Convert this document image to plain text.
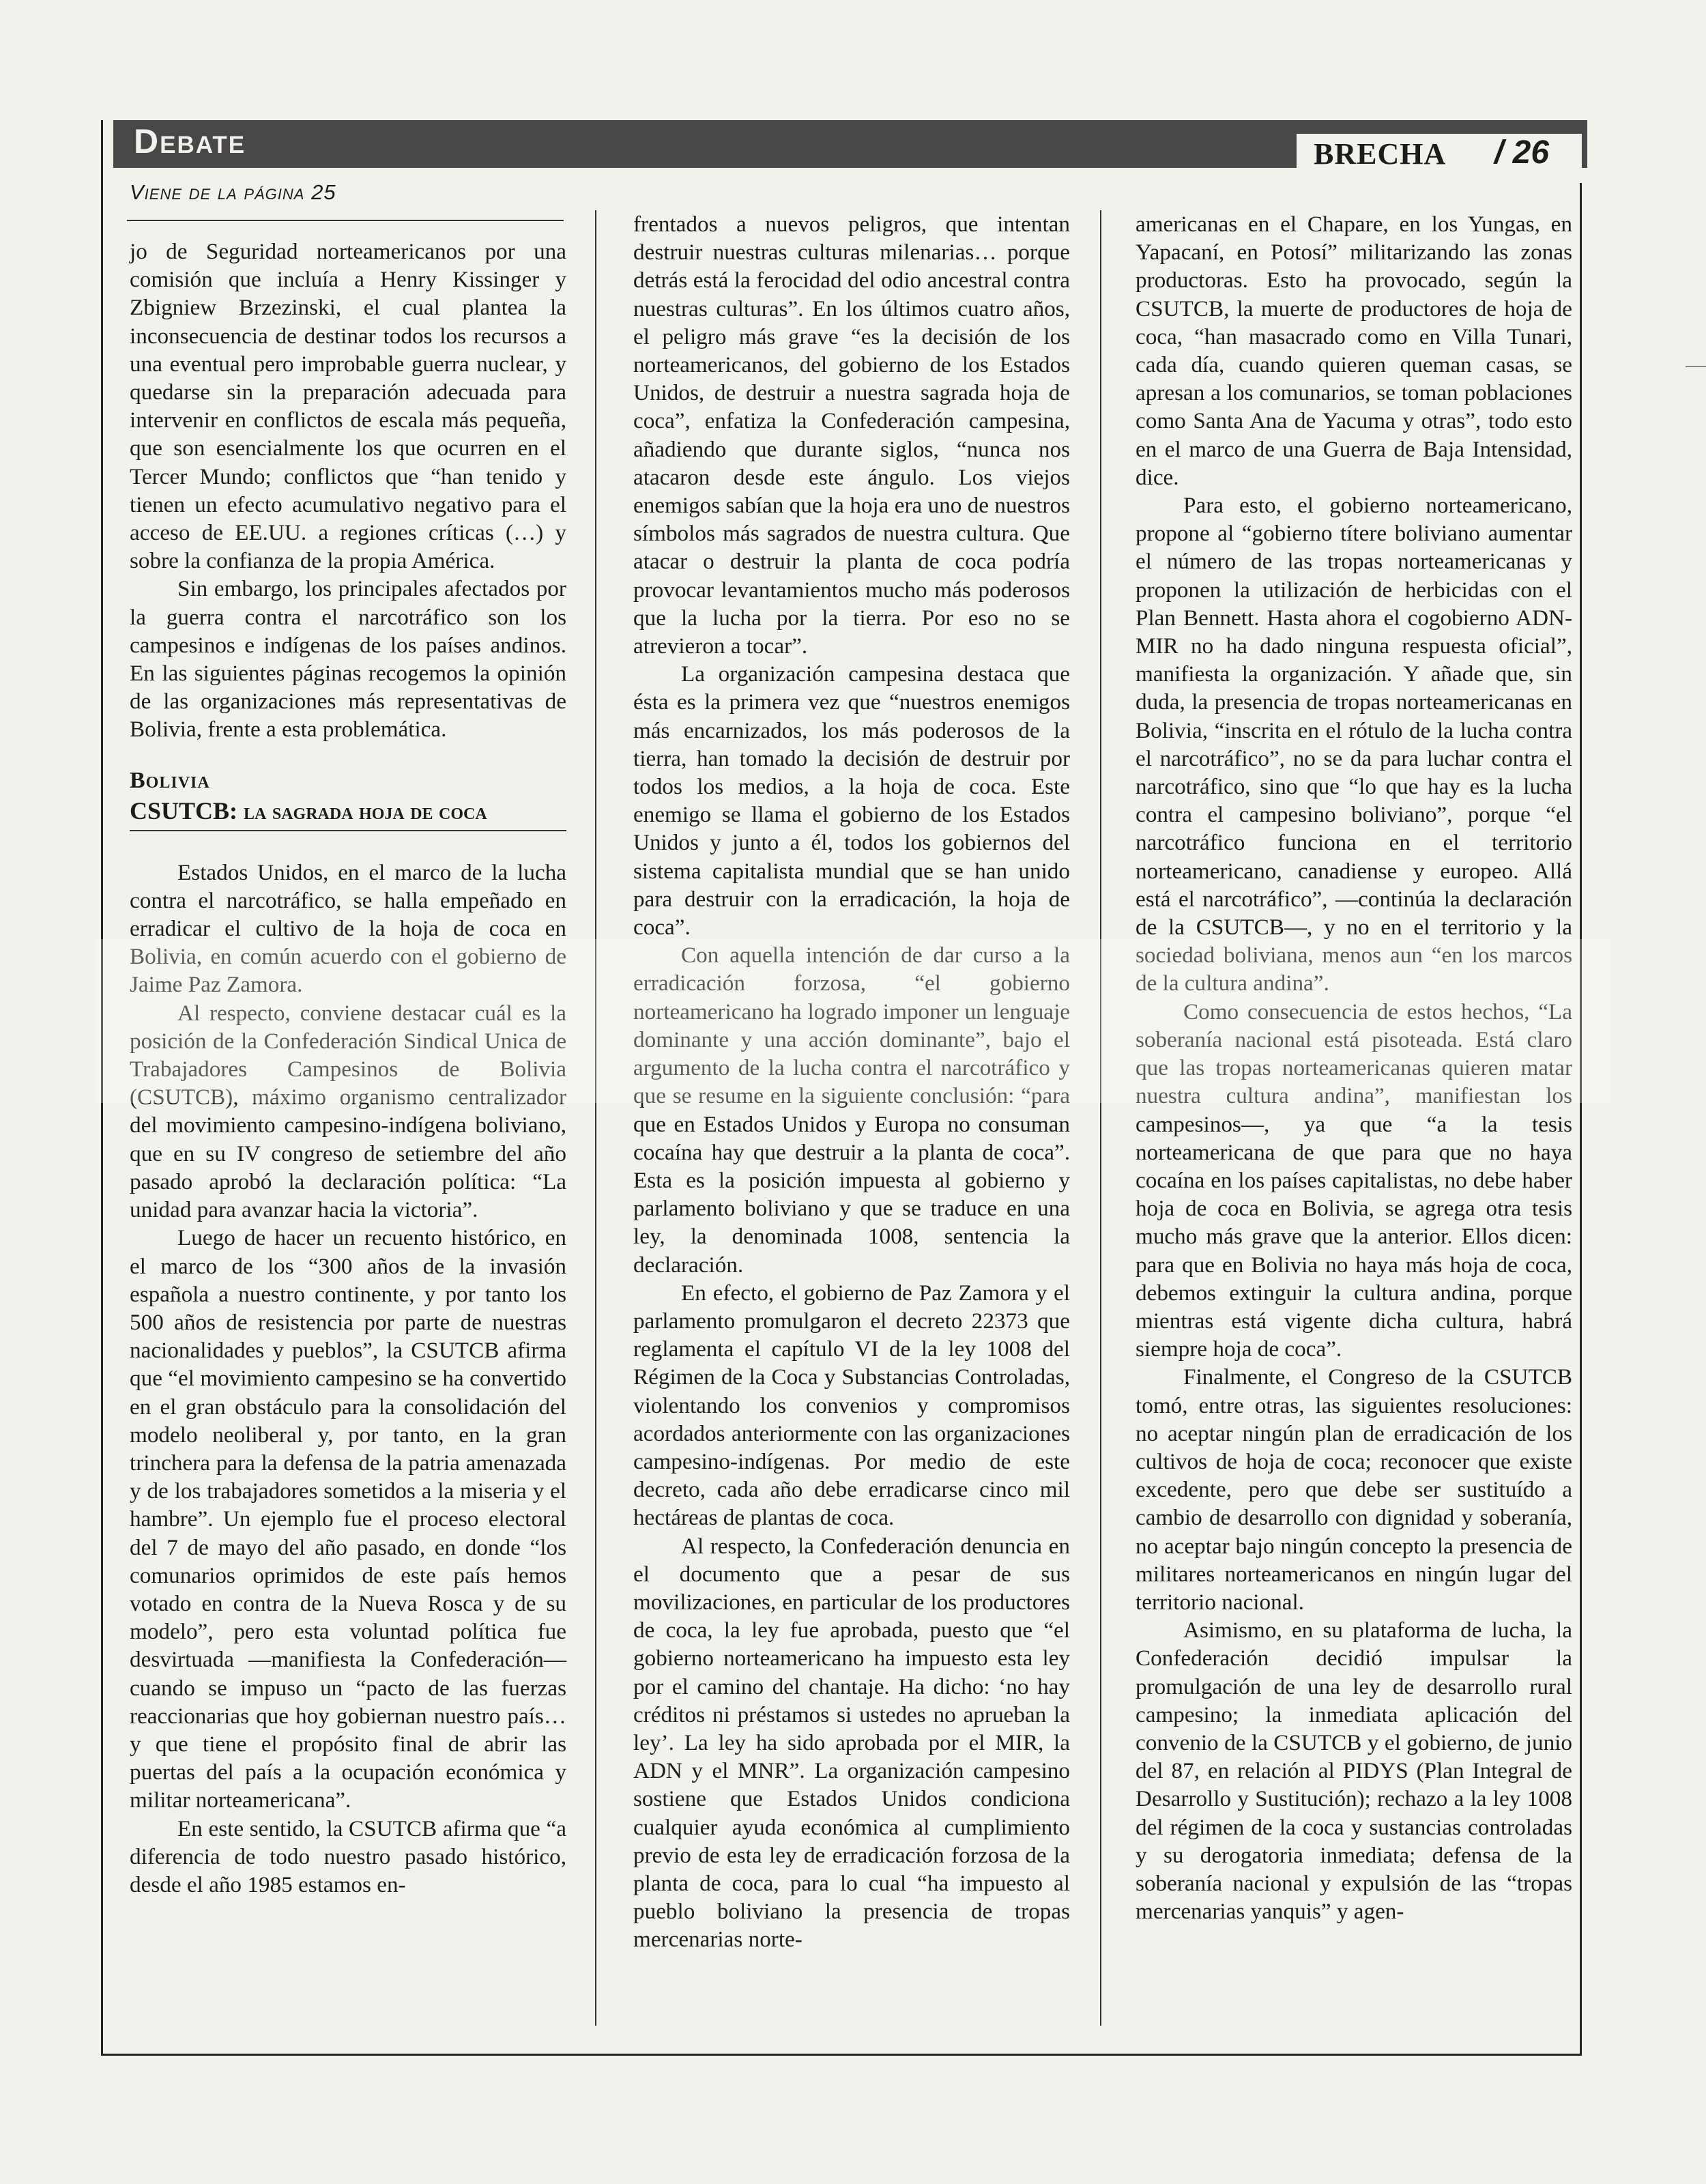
Debate	BRECHA / 26
Viene de la página 25

jo de Seguridad norteamericanos por una comisión que incluía a Henry Kissinger y Zbigniew Brzezinski, el cual plantea la inconsecuencia de destinar todos los recursos a una eventual pero improbable guerra nuclear, y quedarse sin la preparación adecuada para intervenir en conflictos de escala más pequeña, que son esencialmente los que ocurren en el Tercer Mundo; conflictos que “han tenido y tienen un efecto acumulativo negativo para el acceso de EE.UU. a regiones críticas (…) y sobre la confianza de la propia América.

Sin embargo, los principales afectados por la guerra contra el narcotráfico son los campesinos e indígenas de los países andinos. En las siguientes páginas recogemos la opinión de las organizaciones más representativas de Bolivia, frente a esta problemática.

Bolivia

CSUTCB: la sagrada hoja de coca

Estados Unidos, en el marco de la lucha contra el narcotráfico, se halla empeñado en erradicar el cultivo de la hoja de coca en Bolivia, en común acuerdo con el gobierno de Jaime Paz Zamora.

Al respecto, conviene destacar cuál es la posición de la Confederación Sindical Unica de Trabajadores Campesinos de Bolivia (CSUTCB), máximo organismo centralizador del movimiento campesino-indígena boliviano, que en su IV congreso de setiembre del año pasado aprobó la declaración política: “La unidad para avanzar hacia la victoria”.

Luego de hacer un recuento histórico, en el marco de los “300 años de la invasión española a nuestro continente, y por tanto los 500 años de resistencia por parte de nuestras nacionalidades y pueblos”, la CSUTCB afirma que “el movimiento campesino se ha convertido en el gran obstáculo para la consolidación del modelo neoliberal y, por tanto, en la gran trinchera para la defensa de la patria amenazada y de los trabajadores sometidos a la miseria y el hambre”. Un ejemplo fue el proceso electoral del 7 de mayo del año pasado, en donde “los comunarios oprimidos de este país hemos votado en contra de la Nueva Rosca y de su modelo”, pero esta voluntad política fue desvirtuada —manifiesta la Confederación— cuando se impuso un “pacto de las fuerzas reaccionarias que hoy gobiernan nuestro país… y que tiene el propósito final de abrir las puertas del país a la ocupación económica y militar norteamericana”.

En este sentido, la CSUTCB afirma que “a diferencia de todo nuestro pasado histórico, desde el año 1985 estamos en-

frentados a nuevos peligros, que intentan destruir nuestras culturas milenarias… porque detrás está la ferocidad del odio ancestral contra nuestras culturas”. En los últimos cuatro años, el peligro más grave “es la decisión de los norteamericanos, del gobierno de los Estados Unidos, de destruir a nuestra sagrada hoja de coca”, enfatiza la Confederación campesina, añadiendo que durante siglos, “nunca nos atacaron desde este ángulo. Los viejos enemigos sabían que la hoja era uno de nuestros símbolos más sagrados de nuestra cultura. Que atacar o destruir la planta de coca podría provocar levantamientos mucho más poderosos que la lucha por la tierra. Por eso no se atrevieron a tocar”.

La organización campesina destaca que ésta es la primera vez que “nuestros enemigos más encarnizados, los más poderosos de la tierra, han tomado la decisión de destruir por todos los medios, a la hoja de coca. Este enemigo se llama el gobierno de los Estados Unidos y junto a él, todos los gobiernos del sistema capitalista mundial que se han unido para destruir con la erradicación, la hoja de coca”.

Con aquella intención de dar curso a la erradicación forzosa, “el gobierno norteamericano ha logrado imponer un lenguaje dominante y una acción dominante”, bajo el argumento de la lucha contra el narcotráfico y que se resume en la siguiente conclusión: “para que en Estados Unidos y Europa no consuman cocaína hay que destruir a la planta de coca”. Esta es la posición impuesta al gobierno y parlamento boliviano y que se traduce en una ley, la denominada 1008, sentencia la declaración.

En efecto, el gobierno de Paz Zamora y el parlamento promulgaron el decreto 22373 que reglamenta el capítulo VI de la ley 1008 del Régimen de la Coca y Substancias Controladas, violentando los convenios y compromisos acordados anteriormente con las organizaciones campesino-indígenas. Por medio de este decreto, cada año debe erradicarse cinco mil hectáreas de plantas de coca.

Al respecto, la Confederación denuncia en el documento que a pesar de sus movilizaciones, en particular de los productores de coca, la ley fue aprobada, puesto que “el gobierno norteamericano ha impuesto esta ley por el camino del chantaje. Ha dicho: ‘no hay créditos ni préstamos si ustedes no aprueban la ley’. La ley ha sido aprobada por el MIR, la ADN y el MNR”. La organización campesino sostiene que Estados Unidos condiciona cualquier ayuda económica al cumplimiento previo de esta ley de erradicación forzosa de la planta de coca, para lo cual “ha impuesto al pueblo boliviano la presencia de tropas mercenarias norte-

americanas en el Chapare, en los Yungas, en Yapacaní, en Potosí” militarizando las zonas productoras. Esto ha provocado, según la CSUTCB, la muerte de productores de hoja de coca, “han masacrado como en Villa Tunari, cada día, cuando quieren queman casas, se apresan a los comunarios, se toman poblaciones como Santa Ana de Yacuma y otras”, todo esto en el marco de una Guerra de Baja Intensidad, dice.

Para esto, el gobierno norteamericano, propone al “gobierno títere boliviano aumentar el número de las tropas norteamericanas y proponen la utilización de herbicidas con el Plan Bennett. Hasta ahora el cogobierno ADN-MIR no ha dado ninguna respuesta oficial”, manifiesta la organización. Y añade que, sin duda, la presencia de tropas norteamericanas en Bolivia, “inscrita en el rótulo de la lucha contra el narcotráfico”, no se da para luchar contra el narcotráfico, sino que “lo que hay es la lucha contra el campesino boliviano”, porque “el narcotráfico funciona en el territorio norteamericano, canadiense y europeo. Allá está el narcotráfico”, —continúa la declaración de la CSUTCB—, y no en el territorio y la sociedad boliviana, menos aun “en los marcos de la cultura andina”.

Como consecuencia de estos hechos, “La soberanía nacional está pisoteada. Está claro que las tropas norteamericanas quieren matar nuestra cultura andina”, manifiestan los campesinos—, ya que “a la tesis norteamericana de que para que no haya cocaína en los países capitalistas, no debe haber hoja de coca en Bolivia, se agrega otra tesis mucho más grave que la anterior. Ellos dicen: para que en Bolivia no haya más hoja de coca, debemos extinguir la cultura andina, porque mientras está vigente dicha cultura, habrá siempre hoja de coca”.

Finalmente, el Congreso de la CSUTCB tomó, entre otras, las siguientes resoluciones: no aceptar ningún plan de erradicación de los cultivos de hoja de coca; reconocer que existe excedente, pero que debe ser sustituído a cambio de desarrollo con dignidad y soberanía, no aceptar bajo ningún concepto la presencia de militares norteamericanos en ningún lugar del territorio nacional.

Asimismo, en su plataforma de lucha, la Confederación decidió impulsar la promulgación de una ley de desarrollo rural campesino; la inmediata aplicación del convenio de la CSUTCB y el gobierno, de junio del 87, en relación al PIDYS (Plan Integral de Desarrollo y Sustitución); rechazo a la ley 1008 del régimen de la coca y sustancias controladas y su derogatoria inmediata; defensa de la soberanía nacional y expulsión de las “tropas mercenarias yanquis” y agen-
